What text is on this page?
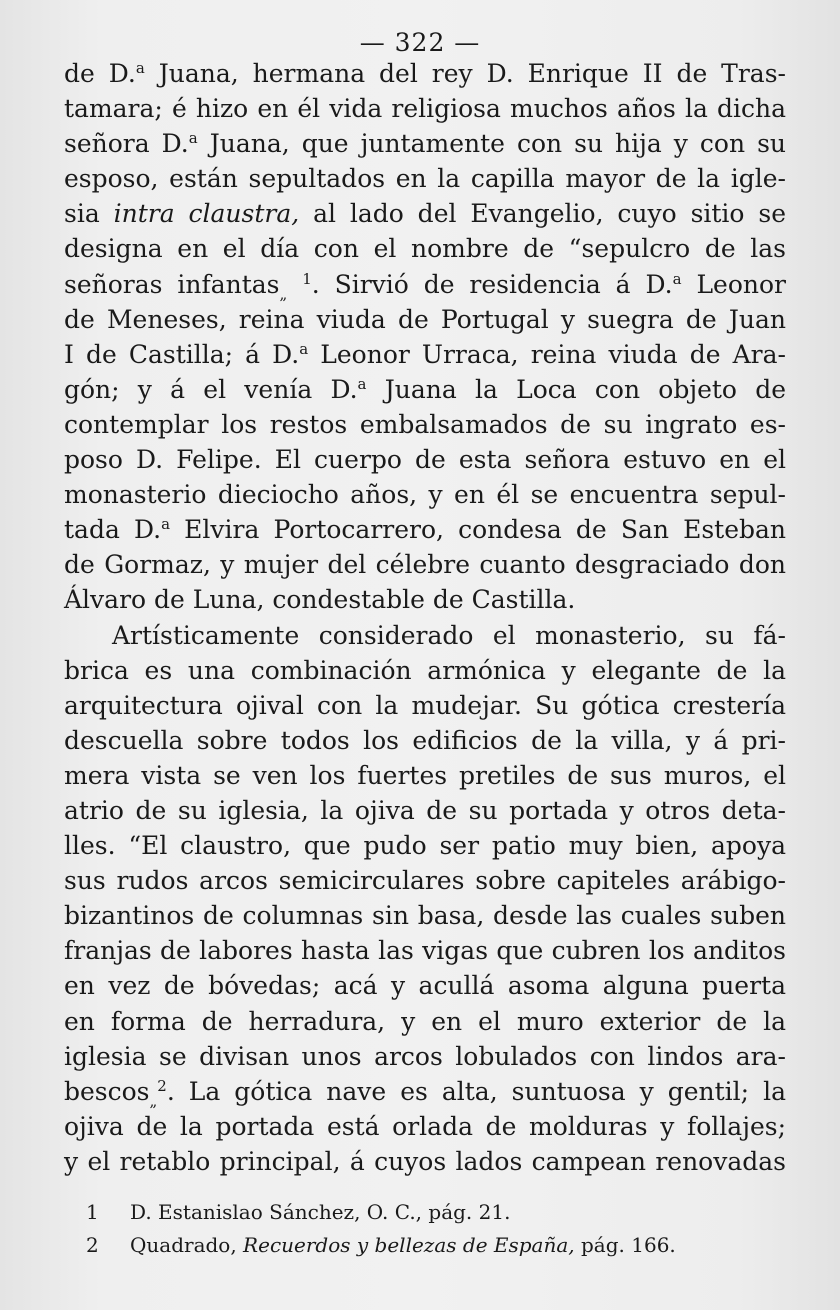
— 322 —
de D.$^a$ Juana, hermana del rey D. Enrique II de Tras-
tamara; é hizo en él vida religiosa muchos años la dicha
señora D.$^a$ Juana, que juntamente con su hija y con su
esposo, están sepultados en la capilla mayor de la igle-
sia intra claustra, al lado del Evangelio, cuyo sitio se
designa en el día con el nombre de “sepulcro de las
señoras infantas$_„$ $^1$. Sirvió de residencia á D.$^a$ Leonor
de Meneses, reina viuda de Portugal y suegra de Juan
I de Castilla; á D.$^a$ Leonor Urraca, reina viuda de Ara-
gón; y á el venía D.$^a$ Juana la Loca con objeto de
contemplar los restos embalsamados de su ingrato es-
poso D. Felipe. El cuerpo de esta señora estuvo en el
monasterio dieciocho años, y en él se encuentra sepul-
tada D.$^a$ Elvira Portocarrero, condesa de San Esteban
de Gormaz, y mujer del célebre cuanto desgraciado don
Álvaro de Luna, condestable de Castilla.
Artísticamente considerado el monasterio, su fá-
brica es una combinación armónica y elegante de la
arquitectura ojival con la mudejar. Su gótica crestería
descuella sobre todos los edificios de la villa, y á pri-
mera vista se ven los fuertes pretiles de sus muros, el
atrio de su iglesia, la ojiva de su portada y otros deta-
lles. “El claustro, que pudo ser patio muy bien, apoya
sus rudos arcos semicirculares sobre capiteles arábigo-
bizantinos de columnas sin basa, desde las cuales suben
franjas de labores hasta las vigas que cubren los anditos
en vez de bóvedas; acá y acullá asoma alguna puerta
en forma de herradura, y en el muro exterior de la
iglesia se divisan unos arcos lobulados con lindos ara-
bescos$_„^2$. La gótica nave es alta, suntuosa y gentil; la
ojiva de la portada está orlada de molduras y follajes;
y el retablo principal, á cuyos lados campean renovadas
1 D. Estanislao Sánchez, O. C., pág. 21.
2 Quadrado, Recuerdos y bellezas de España, pág. 166.
